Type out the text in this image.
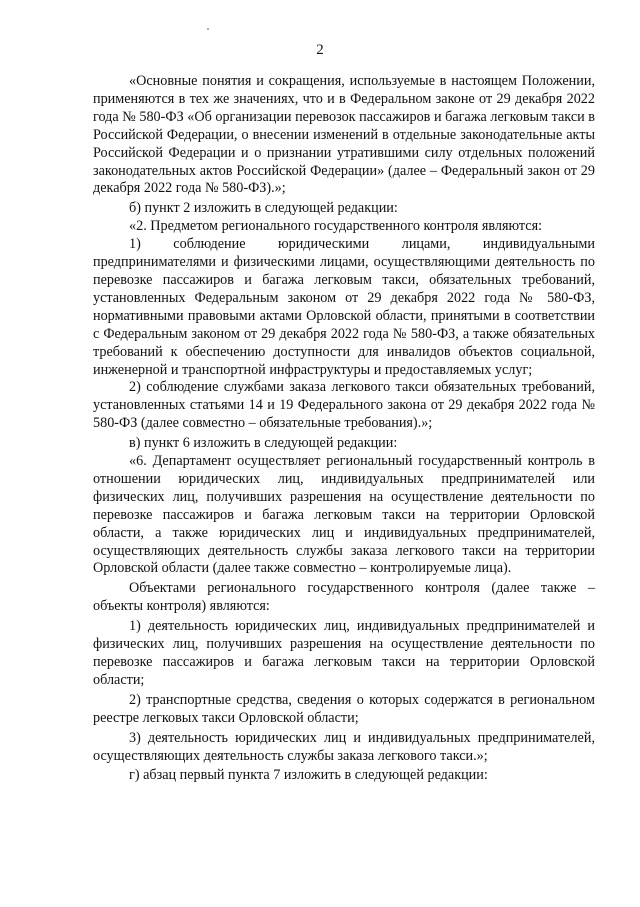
2

«Основные понятия и сокращения, используемые в настоящем Положении, применяются в тех же значениях, что и в Федеральном законе от 29 декабря 2022 года № 580-ФЗ «Об организации перевозок пассажиров и багажа легковым такси в Российской Федерации, о внесении изменений в отдельные законодательные акты Российской Федерации и о признании утратившими силу отдельных положений законодательных актов Российской Федерации» (далее – Федеральный закон от 29 декабря 2022 года № 580-ФЗ).»;

б) пункт 2 изложить в следующей редакции:

«2. Предметом регионального государственного контроля являются:

1) соблюдение юридическими лицами, индивидуальными предпринимателями и физическими лицами, осуществляющими деятельность по перевозке пассажиров и багажа легковым такси, обязательных требований, установленных Федеральным законом от 29 декабря 2022 года № 580-ФЗ, нормативными правовыми актами Орловской области, принятыми в соответствии с Федеральным законом от 29 декабря 2022 года № 580-ФЗ, а также обязательных требований к обеспечению доступности для инвалидов объектов социальной, инженерной и транспортной инфраструктуры и предоставляемых услуг;

2) соблюдение службами заказа легкового такси обязательных требований, установленных статьями 14 и 19 Федерального закона от 29 декабря 2022 года № 580-ФЗ (далее совместно – обязательные требования).»;

в) пункт 6 изложить в следующей редакции:

«6. Департамент осуществляет региональный государственный контроль в отношении юридических лиц, индивидуальных предпринимателей или физических лиц, получивших разрешения на осуществление деятельности по перевозке пассажиров и багажа легковым такси на территории Орловской области, а также юридических лиц и индивидуальных предпринимателей, осуществляющих деятельность службы заказа легкового такси на территории Орловской области (далее также совместно – контролируемые лица).

Объектами регионального государственного контроля (далее также – объекты контроля) являются:

1) деятельность юридических лиц, индивидуальных предпринимателей и физических лиц, получивших разрешения на осуществление деятельности по перевозке пассажиров и багажа легковым такси на территории Орловской области;

2) транспортные средства, сведения о которых содержатся в региональном реестре легковых такси Орловской области;

3) деятельность юридических лиц и индивидуальных предпринимателей, осуществляющих деятельность службы заказа легкового такси.»;

г) абзац первый пункта 7 изложить в следующей редакции:
